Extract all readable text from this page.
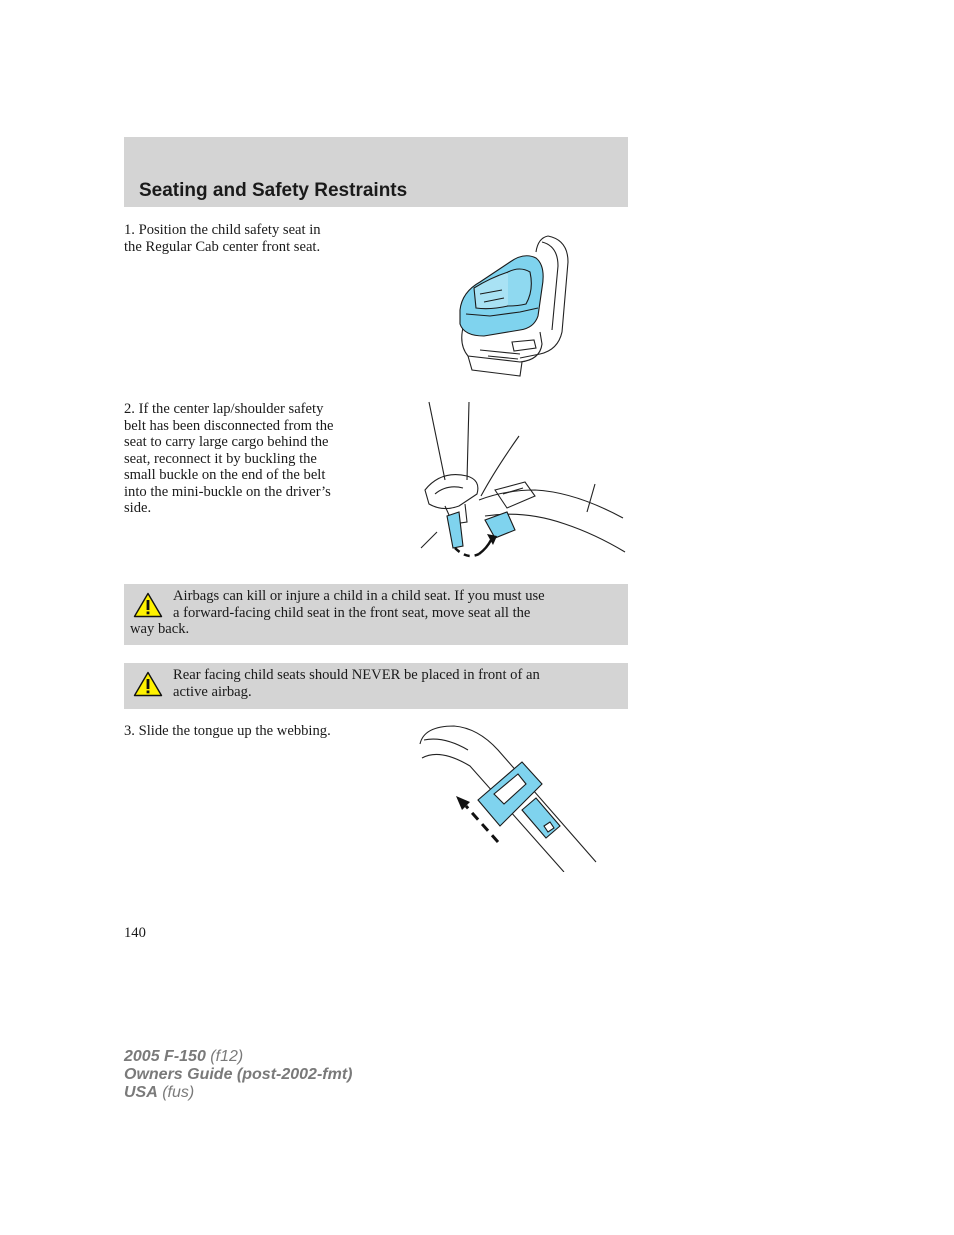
Seating and Safety Restraints

1. Position the child safety seat in
the Regular Cab center front seat.

2. If the center lap/shoulder safety
belt has been disconnected from the
seat to carry large cargo behind the
seat, reconnect it by buckling the
small buckle on the end of the belt
into the mini-buckle on the driver’s
side.

Airbags can kill or injure a child in a child seat. If you must use
a forward-facing child seat in the front seat, move seat all the
way back.

Rear facing child seats should NEVER be placed in front of an
active airbag.

3. Slide the tongue up the webbing.

140
2005 F-150 (f12)
Owners Guide (post-2002-fmt)
USA (fus)
